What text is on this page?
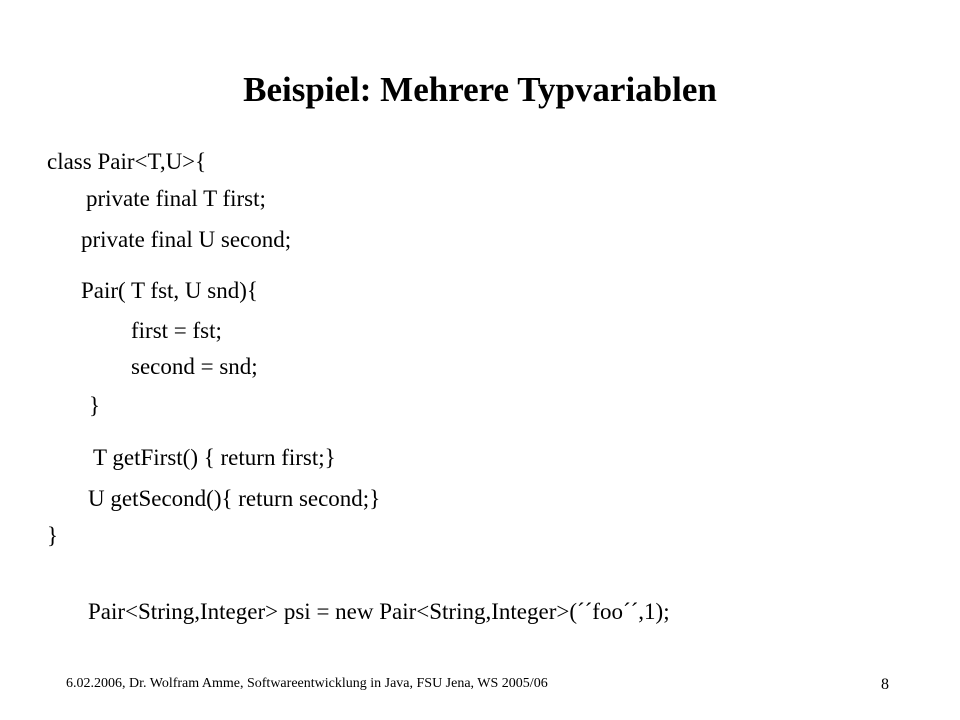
Beispiel: Mehrere Typvariablen
class Pair<T,U>{
private final T first;
private final U second;
Pair( T fst, U snd){
first = fst;
second = snd;
}
T getFirst() { return first;}
U getSecond(){ return second;}
}
Pair<String,Integer> psi = new Pair<String,Integer>(´´foo´´,1);
6.02.2006, Dr. Wolfram Amme, Softwareentwicklung in Java, FSU Jena, WS 2005/06	8
